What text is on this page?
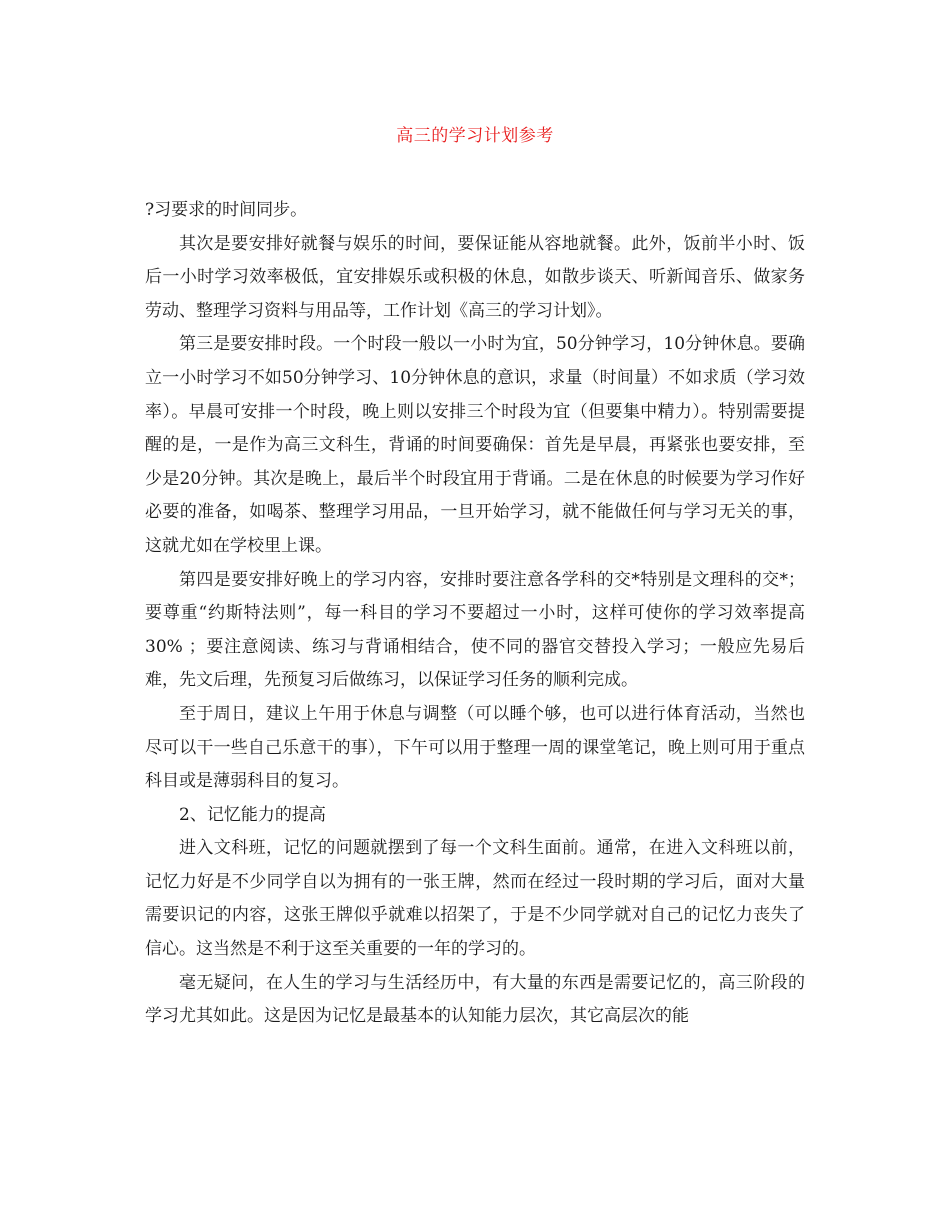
高三的学习计划参考

?习要求的时间同步。

其次是要安排好就餐与娱乐的时间，要保证能从容地就餐。此外，饭前半小时、饭后一小时学习效率极低，宜安排娱乐或积极的休息，如散步谈天、听新闻音乐、做家务劳动、整理学习资料与用品等，工作计划《高三的学习计划》。

第三是要安排时段。一个时段一般以一小时为宜，50分钟学习，10分钟休息。要确立一小时学习不如50分钟学习、10分钟休息的意识，求量（时间量）不如求质（学习效率）。早晨可安排一个时段，晚上则以安排三个时段为宜（但要集中精力）。特别需要提醒的是，一是作为高三文科生，背诵的时间要确保：首先是早晨，再紧张也要安排，至少是20分钟。其次是晚上，最后半个时段宜用于背诵。二是在休息的时候要为学习作好必要的准备，如喝茶、整理学习用品，一旦开始学习，就不能做任何与学习无关的事，这就尤如在学校里上课。

第四是要安排好晚上的学习内容，安排时要注意各学科的交*特别是文理科的交*；要尊重“约斯特法则”，每一科目的学习不要超过一小时，这样可使你的学习效率提高30% ；要注意阅读、练习与背诵相结合，使不同的器官交替投入学习；一般应先易后难，先文后理，先预复习后做练习，以保证学习任务的顺利完成。

至于周日，建议上午用于休息与调整（可以睡个够，也可以进行体育活动，当然也尽可以干一些自己乐意干的事），下午可以用于整理一周的课堂笔记，晚上则可用于重点科目或是薄弱科目的复习。

2、记忆能力的提高

进入文科班，记忆的问题就摆到了每一个文科生面前。通常，在进入文科班以前，记忆力好是不少同学自以为拥有的一张王牌，然而在经过一段时期的学习后，面对大量需要识记的内容，这张王牌似乎就难以招架了，于是不少同学就对自己的记忆力丧失了信心。这当然是不利于这至关重要的一年的学习的。

毫无疑问，在人生的学习与生活经历中，有大量的东西是需要记忆的，高三阶段的学习尤其如此。这是因为记忆是最基本的认知能力层次，其它高层次的能
